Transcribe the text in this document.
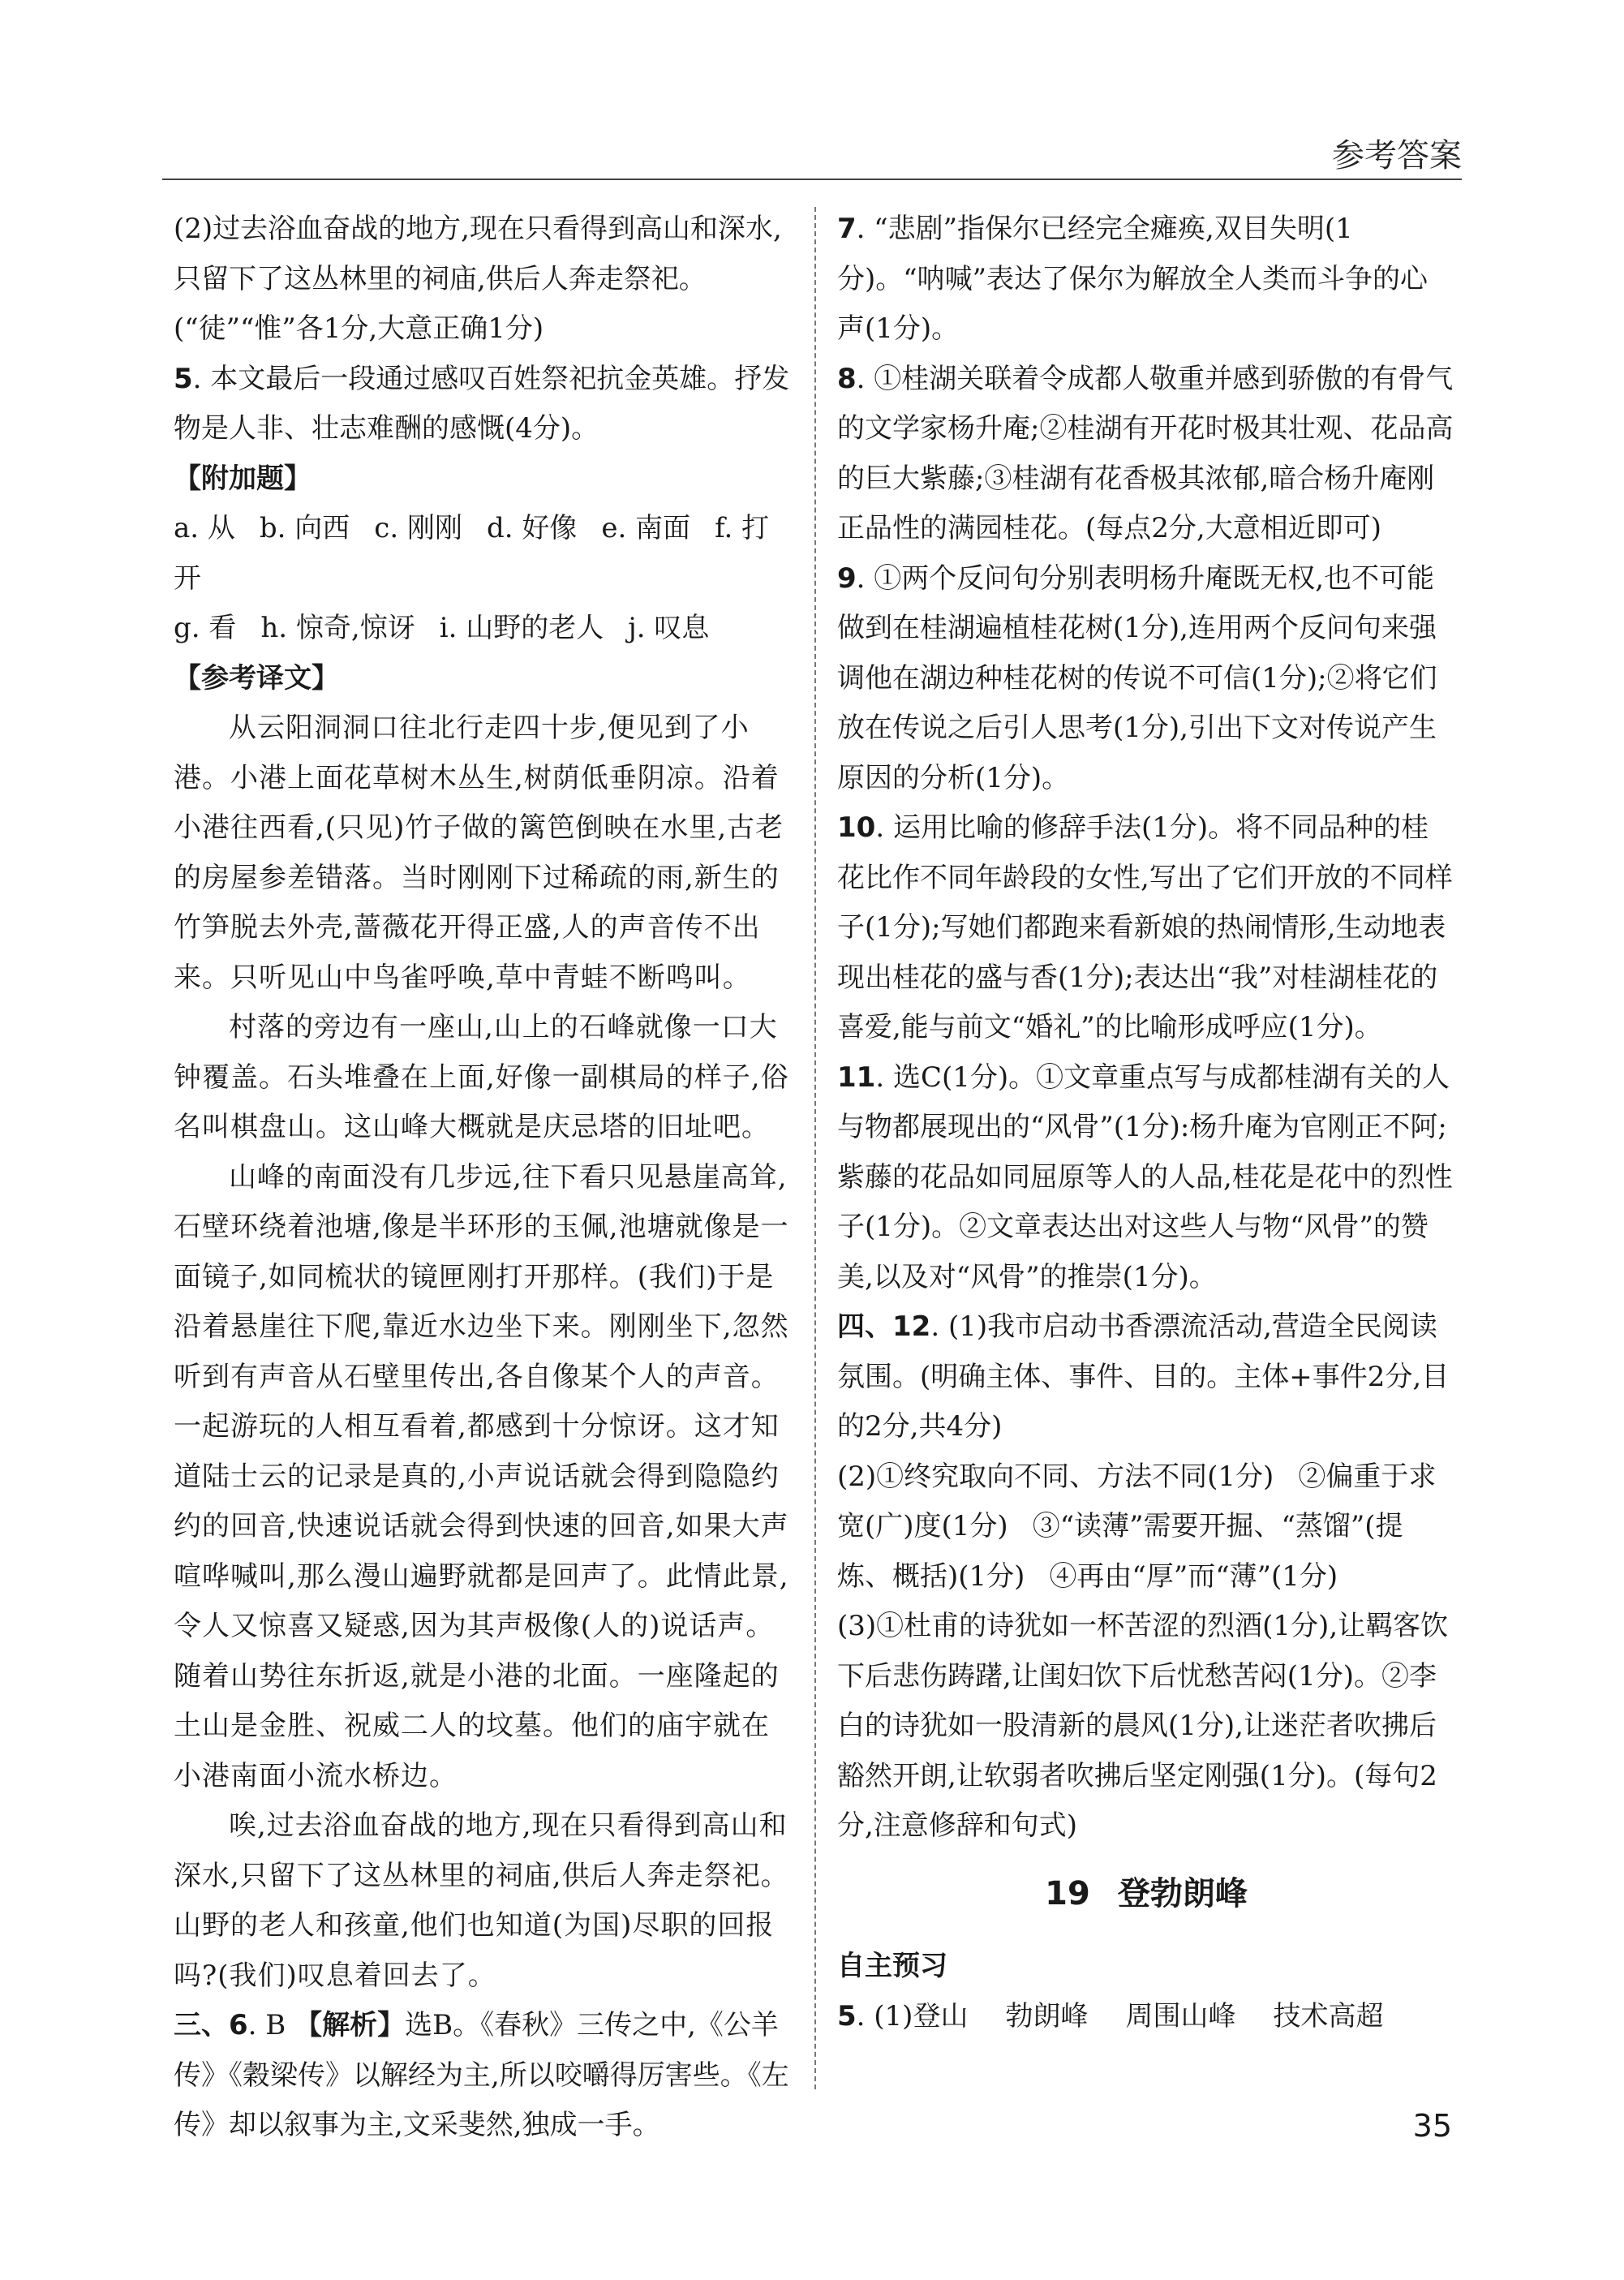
参考答案

(2)过去浴血奋战的地方,现在只看得到高山和深水,只留下了这丛林里的祠庙,供后人奔走祭祀。(“徒”“惟”各1分,大意正确1分)

5. 本文最后一段通过感叹百姓祭祀抗金英雄。抒发物是人非、壮志难酬的感慨(4分)。

【附加题】

a. 从 b. 向西 c. 刚刚 d. 好像 e. 南面 f. 打开

g. 看 h. 惊奇,惊讶 i. 山野的老人 j. 叹息

【参考译文】

从云阳洞洞口往北行走四十步,便见到了小港。小港上面花草树木丛生,树荫低垂阴凉。沿着小港往西看,(只见)竹子做的篱笆倒映在水里,古老的房屋参差错落。当时刚刚下过稀疏的雨,新生的竹笋脱去外壳,蔷薇花开得正盛,人的声音传不出来。只听见山中鸟雀呼唤,草中青蛙不断鸣叫。

村落的旁边有一座山,山上的石峰就像一口大钟覆盖。石头堆叠在上面,好像一副棋局的样子,俗名叫棋盘山。这山峰大概就是庆忌塔的旧址吧。

山峰的南面没有几步远,往下看只见悬崖高耸,石壁环绕着池塘,像是半环形的玉佩,池塘就像是一面镜子,如同梳状的镜匣刚打开那样。(我们)于是沿着悬崖往下爬,靠近水边坐下来。刚刚坐下,忽然听到有声音从石壁里传出,各自像某个人的声音。一起游玩的人相互看着,都感到十分惊讶。这才知道陆士云的记录是真的,小声说话就会得到隐隐约约的回音,快速说话就会得到快速的回音,如果大声喧哗喊叫,那么漫山遍野就都是回声了。此情此景,令人又惊喜又疑惑,因为其声极像(人的)说话声。随着山势往东折返,就是小港的北面。一座隆起的土山是金胜、祝威二人的坟墓。他们的庙宇就在小港南面小流水桥边。

唉,过去浴血奋战的地方,现在只看得到高山和深水,只留下了这丛林里的祠庙,供后人奔走祭祀。山野的老人和孩童,他们也知道(为国)尽职的回报吗?(我们)叹息着回去了。

三、6. B 【解析】选B。《春秋》三传之中,《公羊传》《穀梁传》以解经为主,所以咬嚼得厉害些。《左传》却以叙事为主,文采斐然,独成一手。

7. “悲剧”指保尔已经完全瘫痪,双目失明(1分)。“呐喊”表达了保尔为解放全人类而斗争的心声(1分)。

8. ①桂湖关联着令成都人敬重并感到骄傲的有骨气的文学家杨升庵;②桂湖有开花时极其壮观、花品高的巨大紫藤;③桂湖有花香极其浓郁,暗合杨升庵刚正品性的满园桂花。(每点2分,大意相近即可)

9. ①两个反问句分别表明杨升庵既无权,也不可能做到在桂湖遍植桂花树(1分),连用两个反问句来强调他在湖边种桂花树的传说不可信(1分);②将它们放在传说之后引人思考(1分),引出下文对传说产生原因的分析(1分)。

10. 运用比喻的修辞手法(1分)。将不同品种的桂花比作不同年龄段的女性,写出了它们开放的不同样子(1分);写她们都跑来看新娘的热闹情形,生动地表现出桂花的盛与香(1分);表达出“我”对桂湖桂花的喜爱,能与前文“婚礼”的比喻形成呼应(1分)。

11. 选C(1分)。①文章重点写与成都桂湖有关的人与物都展现出的“风骨”(1分):杨升庵为官刚正不阿;紫藤的花品如同屈原等人的人品,桂花是花中的烈性子(1分)。②文章表达出对这些人与物“风骨”的赞美,以及对“风骨”的推崇(1分)。

四、12. (1)我市启动书香漂流活动,营造全民阅读氛围。(明确主体、事件、目的。主体+事件2分,目的2分,共4分)

(2)①终究取向不同、方法不同(1分) ②偏重于求宽(广)度(1分) ③“读薄”需要开掘、“蒸馏”(提炼、概括)(1分) ④再由“厚”而“薄”(1分)

(3)①杜甫的诗犹如一杯苦涩的烈酒(1分),让羁客饮下后悲伤踌躇,让闺妇饮下后忧愁苦闷(1分)。②李白的诗犹如一股清新的晨风(1分),让迷茫者吹拂后豁然开朗,让软弱者吹拂后坚定刚强(1分)。(每句2分,注意修辞和句式)

19 登勃朗峰

自主预习

5. (1)登山 勃朗峰 周围山峰 技术高超

35
